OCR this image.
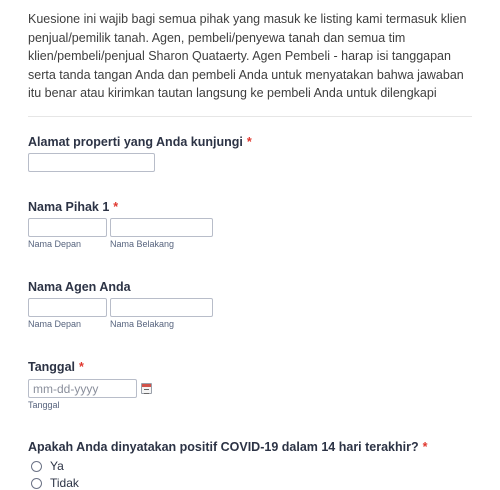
Kuesione ini wajib bagi semua pihak yang masuk ke listing kami termasuk klien penjual/pemilik tanah. Agen, pembeli/penyewa tanah dan semua tim klien/pembeli/penjual Sharon Quataerty. Agen Pembeli - harap isi tanggapan serta tanda tangan Anda dan pembeli Anda untuk menyatakan bahwa jawaban itu benar atau kirimkan tautan langsung ke pembeli Anda untuk dilengkapi
Alamat properti yang Anda kunjungi *
Nama Pihak 1 *
Nama Depan	Nama Belakang
Nama Agen Anda
Nama Depan	Nama Belakang
Tanggal *
mm-dd-yyyy
Tanggal
Apakah Anda dinyatakan positif COVID-19 dalam 14 hari terakhir? *
Ya
Tidak
